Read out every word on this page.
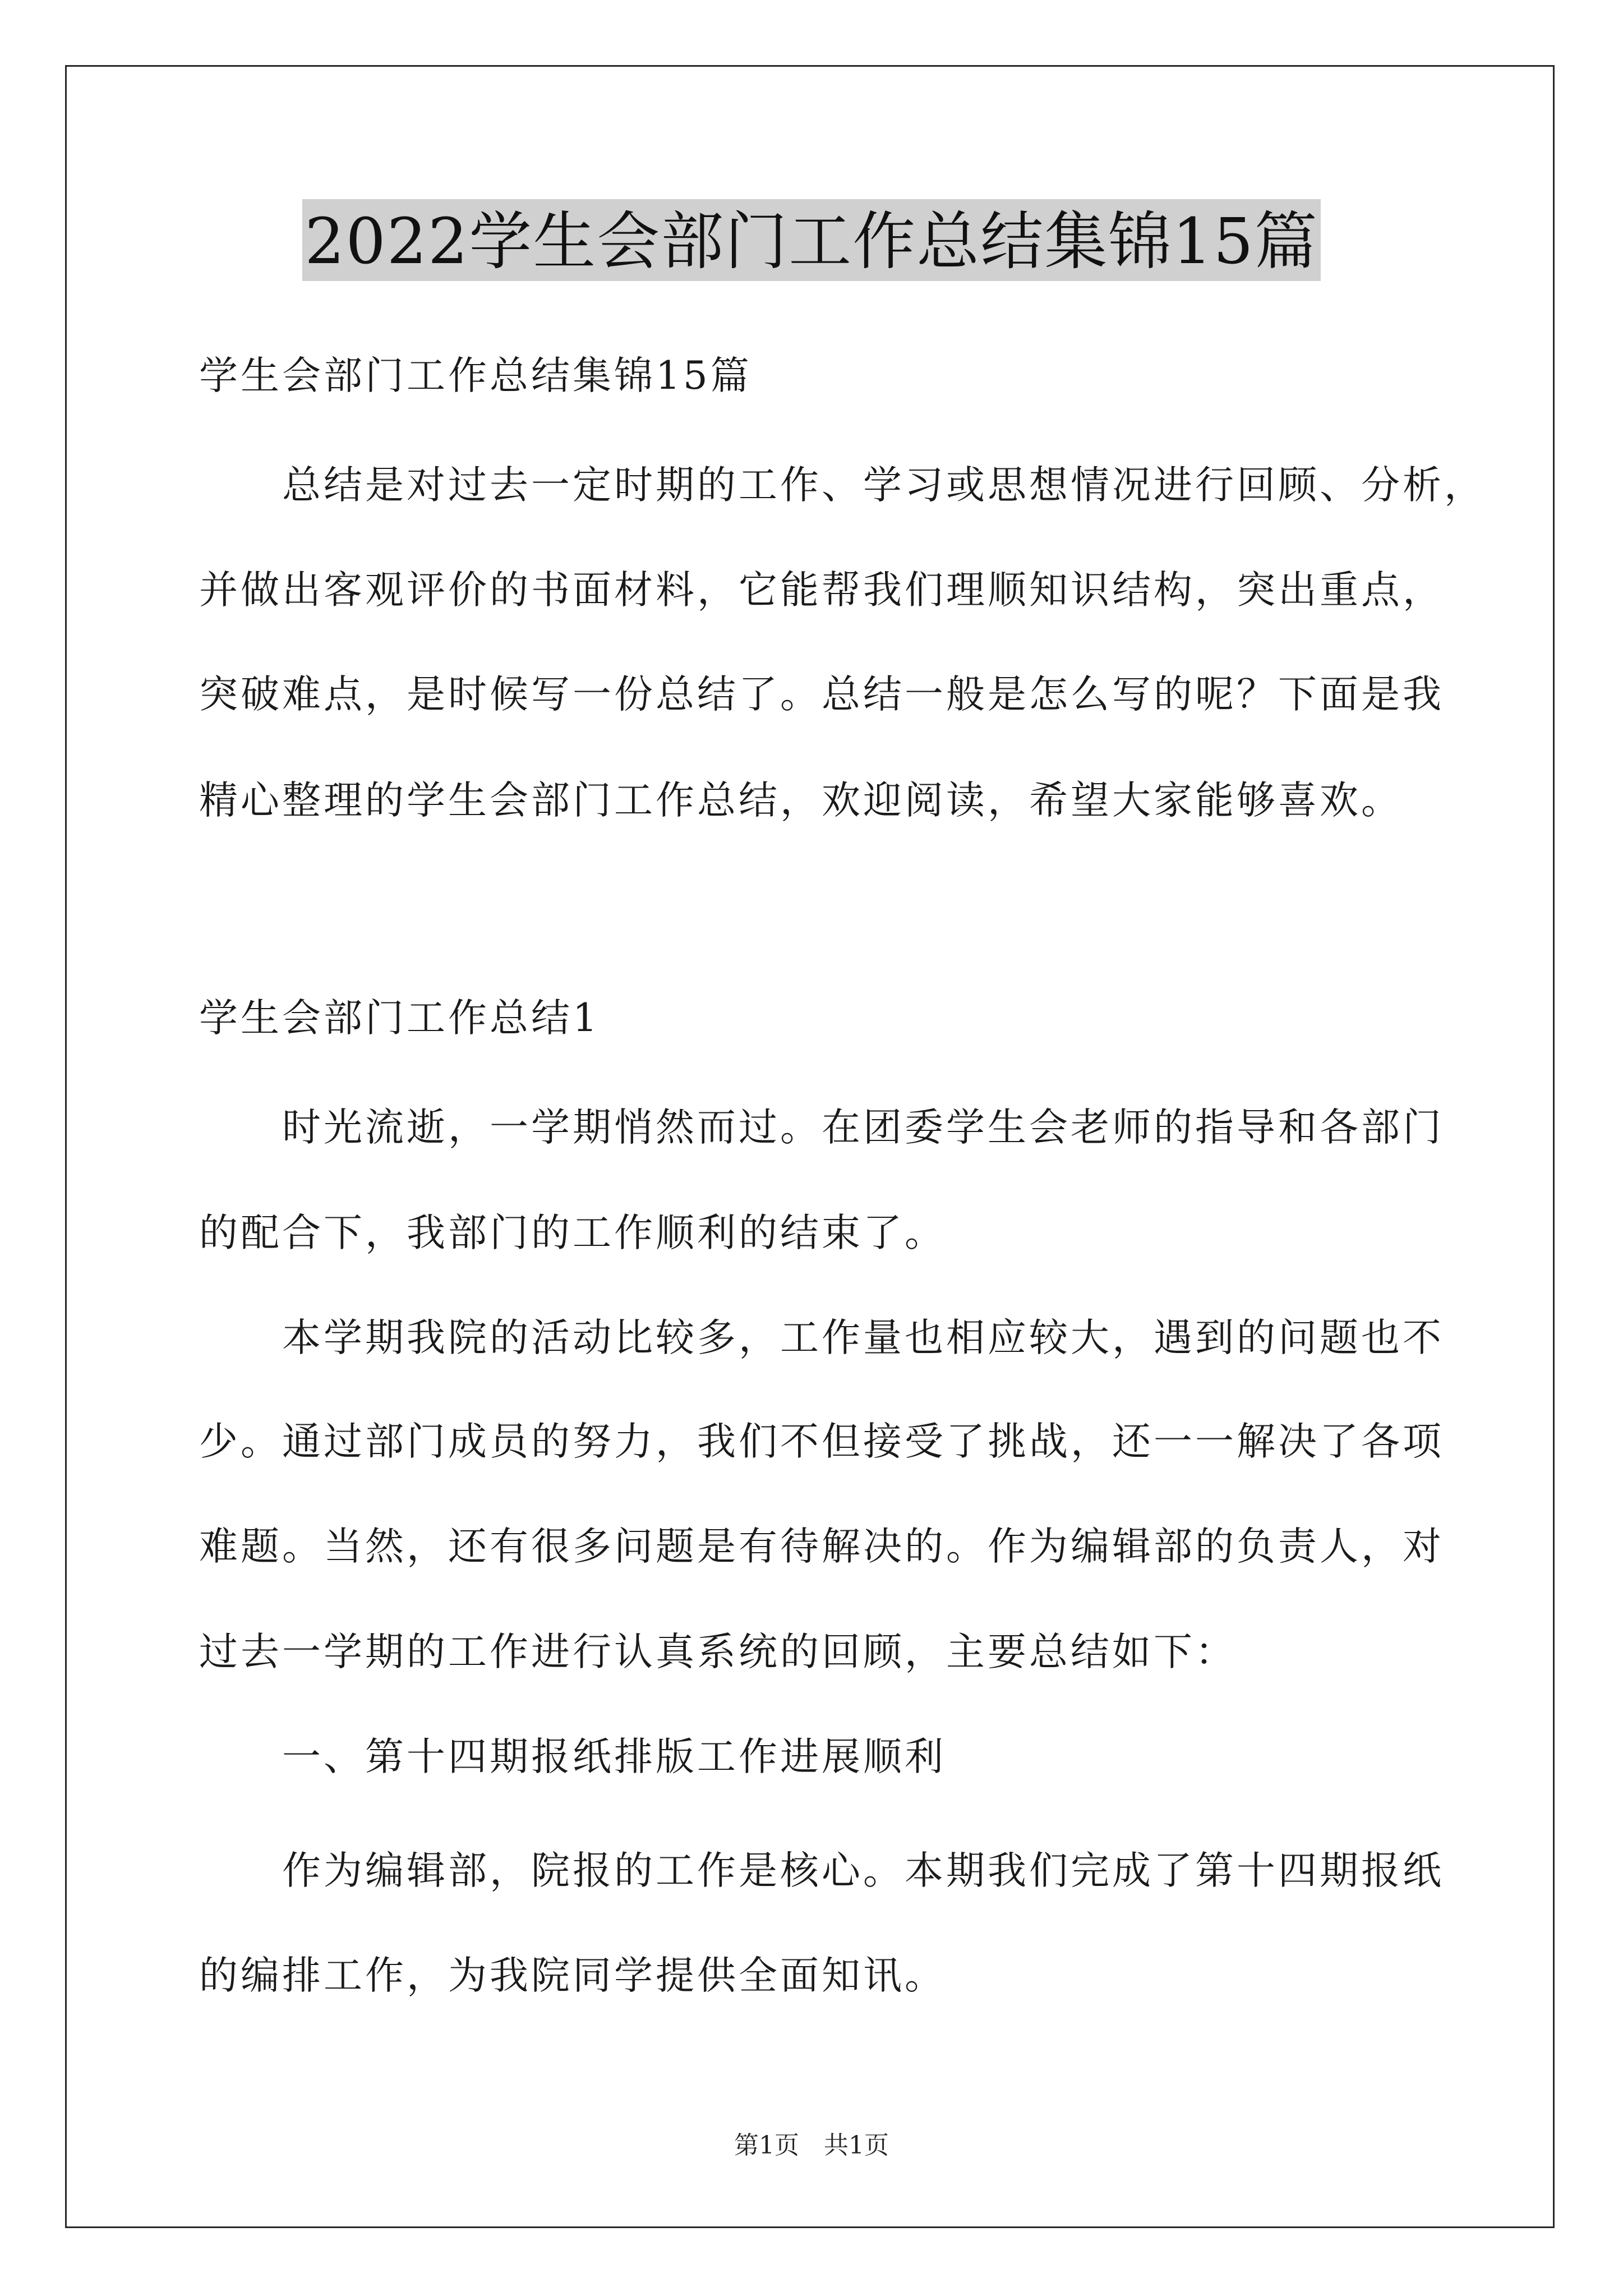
2022学生会部门工作总结集锦15篇
学生会部门工作总结集锦15篇
总结是对过去一定时期的工作、学习或思想情况进行回顾、分析，
并做出客观评价的书面材料，它能帮我们理顺知识结构，突出重点，
突破难点，是时候写一份总结了。总结一般是怎么写的呢？下面是我
精心整理的学生会部门工作总结，欢迎阅读，希望大家能够喜欢。
学生会部门工作总结1
时光流逝，一学期悄然而过。在团委学生会老师的指导和各部门
的配合下，我部门的工作顺利的结束了。
本学期我院的活动比较多，工作量也相应较大，遇到的问题也不
少。通过部门成员的努力，我们不但接受了挑战，还一一解决了各项
难题。当然，还有很多问题是有待解决的。作为编辑部的负责人，对
过去一学期的工作进行认真系统的回顾，主要总结如下：
一、第十四期报纸排版工作进展顺利
作为编辑部，院报的工作是核心。本期我们完成了第十四期报纸
的编排工作，为我院同学提供全面知讯。
第1页 共1页
